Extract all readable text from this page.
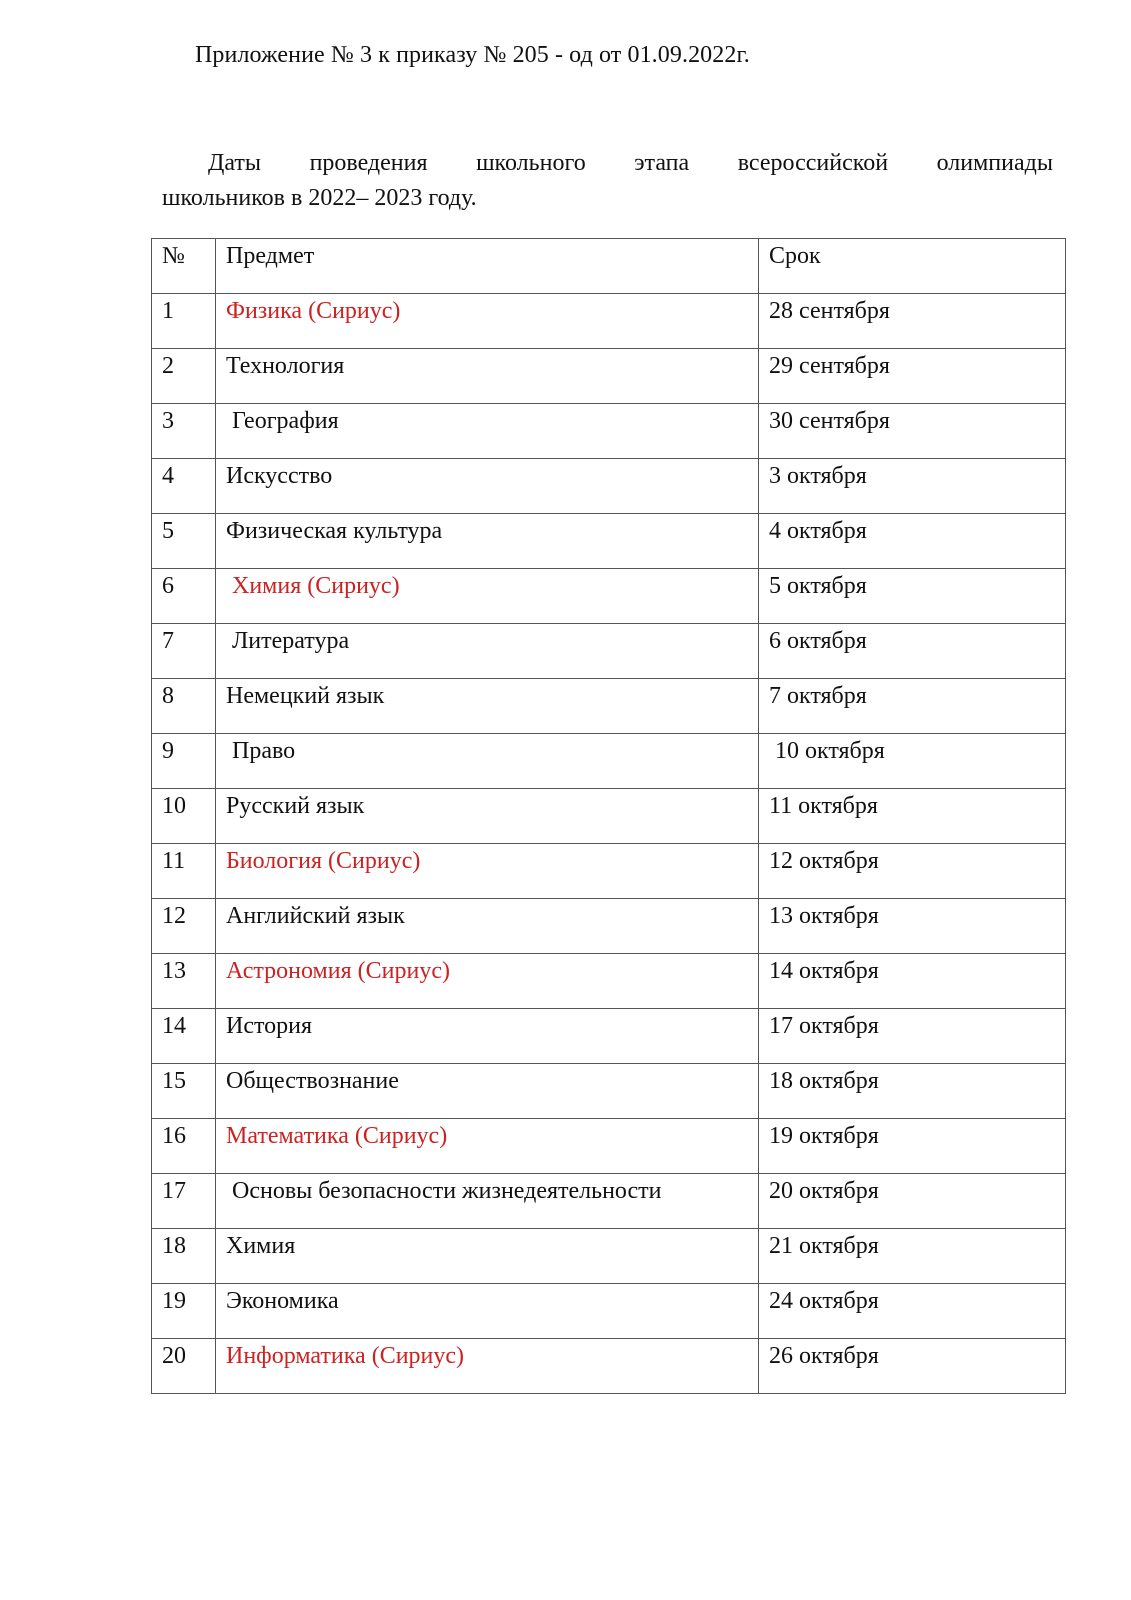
Приложение № 3 к приказу № 205 - од от 01.09.2022г.
Даты проведения школьного этапа всероссийской олимпиады
школьников в 2022– 2023 году.
№	Предмет	Срок

1	Физика (Сириус)	28 сентября

2	Технология	29 сентября

3	География	30 сентября

4	Искусство	3 октября

5	Физическая культура	4 октября

6	Химия (Сириус)	5 октября

7	Литература	6 октября

8	Немецкий язык	7 октября

9	Право	10 октября

10	Русский язык	11 октября

11	Биология (Сириус)	12 октября

12	Английский язык	13 октября

13	Астрономия (Сириус)	14 октября

14	История	17 октября

15	Обществознание	18 октября

16	Математика (Сириус)	19 октября

17	Основы безопасности жизнедеятельности	20 октября

18	Химия	21 октября

19	Экономика	24 октября

20	Информатика (Сириус)	26 октября
